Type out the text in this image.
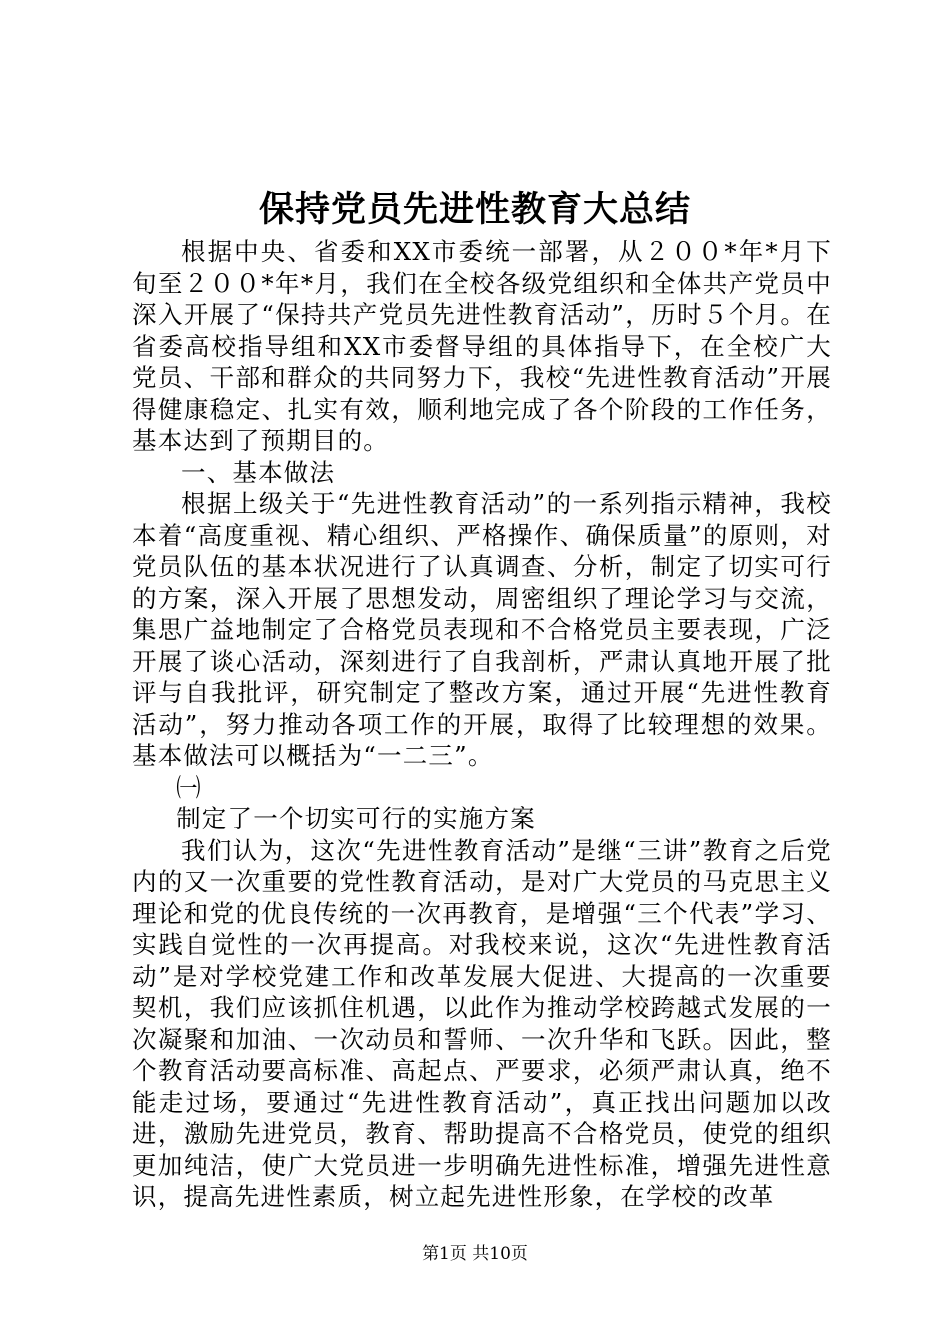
保持党员先进性教育大总结

根据中央、省委和XX市委统一部署，从２００*年*月下旬至２００*年*月，我们在全校各级党组织和全体共产党员中深入开展了“保持共产党员先进性教育活动”，历时５个月。在省委高校指导组和XX市委督导组的具体指导下，在全校广大党员、干部和群众的共同努力下，我校“先进性教育活动”开展得健康稳定、扎实有效，顺利地完成了各个阶段的工作任务，基本达到了预期目的。

一、基本做法

根据上级关于“先进性教育活动”的一系列指示精神，我校本着“高度重视、精心组织、严格操作、确保质量”的原则，对党员队伍的基本状况进行了认真调查、分析，制定了切实可行的方案，深入开展了思想发动，周密组织了理论学习与交流，集思广益地制定了合格党员表现和不合格党员主要表现，广泛开展了谈心活动，深刻进行了自我剖析，严肃认真地开展了批评与自我批评，研究制定了整改方案，通过开展“先进性教育活动”，努力推动各项工作的开展，取得了比较理想的效果。基本做法可以概括为“一二三”。

㈠

制定了一个切实可行的实施方案

我们认为，这次“先进性教育活动”是继“三讲”教育之后党内的又一次重要的党性教育活动，是对广大党员的马克思主义理论和党的优良传统的一次再教育，是增强“三个代表”学习、实践自觉性的一次再提高。对我校来说，这次“先进性教育活动”是对学校党建工作和改革发展大促进、大提高的一次重要契机，我们应该抓住机遇，以此作为推动学校跨越式发展的一次凝聚和加油、一次动员和誓师、一次升华和飞跃。因此，整个教育活动要高标准、高起点、严要求，必须严肃认真，绝不能走过场，要通过“先进性教育活动”，真正找出问题加以改进，激励先进党员，教育、帮助提高不合格党员，使党的组织更加纯洁，使广大党员进一步明确先进性标准，增强先进性意识，提高先进性素质，树立起先进性形象，在学校的改革

第1页 共10页
